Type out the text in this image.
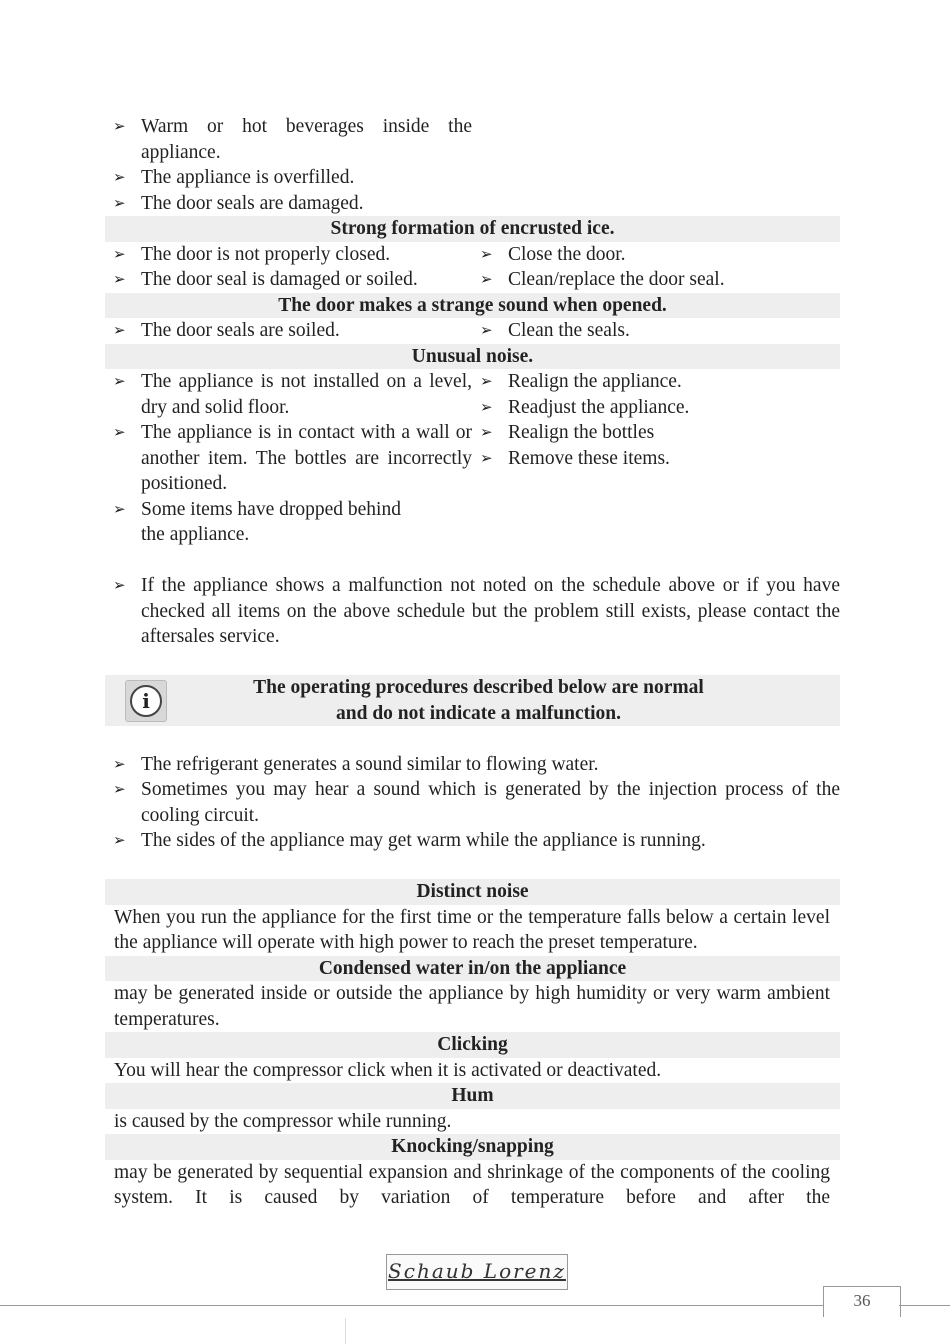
➢ Warm or hot beverages inside the appliance.
➢ The appliance is overfilled.
➢ The door seals are damaged.
Strong formation of encrusted ice.
➢ The door is not properly closed.
➢ The door seal is damaged or soiled.
➢ Close the door.
➢ Clean/replace the door seal.
The door makes a strange sound when opened.
➢ The door seals are soiled.	➢ Clean the seals.
Unusual noise.
➢ The appliance is not installed on a level, dry and solid floor.
➢ The appliance is in contact with a wall or another item. The bottles are incorrectly positioned.
➢ Some items have dropped behind the appliance.
➢ Realign the appliance.
➢ Readjust the appliance.
➢ Realign the bottles
➢ Remove these items.
➢ If the appliance shows a malfunction not noted on the schedule above or if you have checked all items on the above schedule but the problem still exists, please contact the aftersales service.
i
The operating procedures described below are normal
and do not indicate a malfunction.
➢ The refrigerant generates a sound similar to flowing water.
➢ Sometimes you may hear a sound which is generated by the injection process of the cooling circuit.
➢ The sides of the appliance may get warm while the appliance is running.
Distinct noise
When you run the appliance for the first time or the temperature falls below a certain level the appliance will operate with high power to reach the preset temperature.
Condensed water in/on the appliance
may be generated inside or outside the appliance by high humidity or very warm ambient temperatures.
Clicking
You will hear the compressor click when it is activated or deactivated.
Hum
is caused by the compressor while running.
Knocking/snapping
may be generated by sequential expansion and shrinkage of the components of the cooling system. It is caused by variation of temperature before and after the
Schaub Lorenz
36
